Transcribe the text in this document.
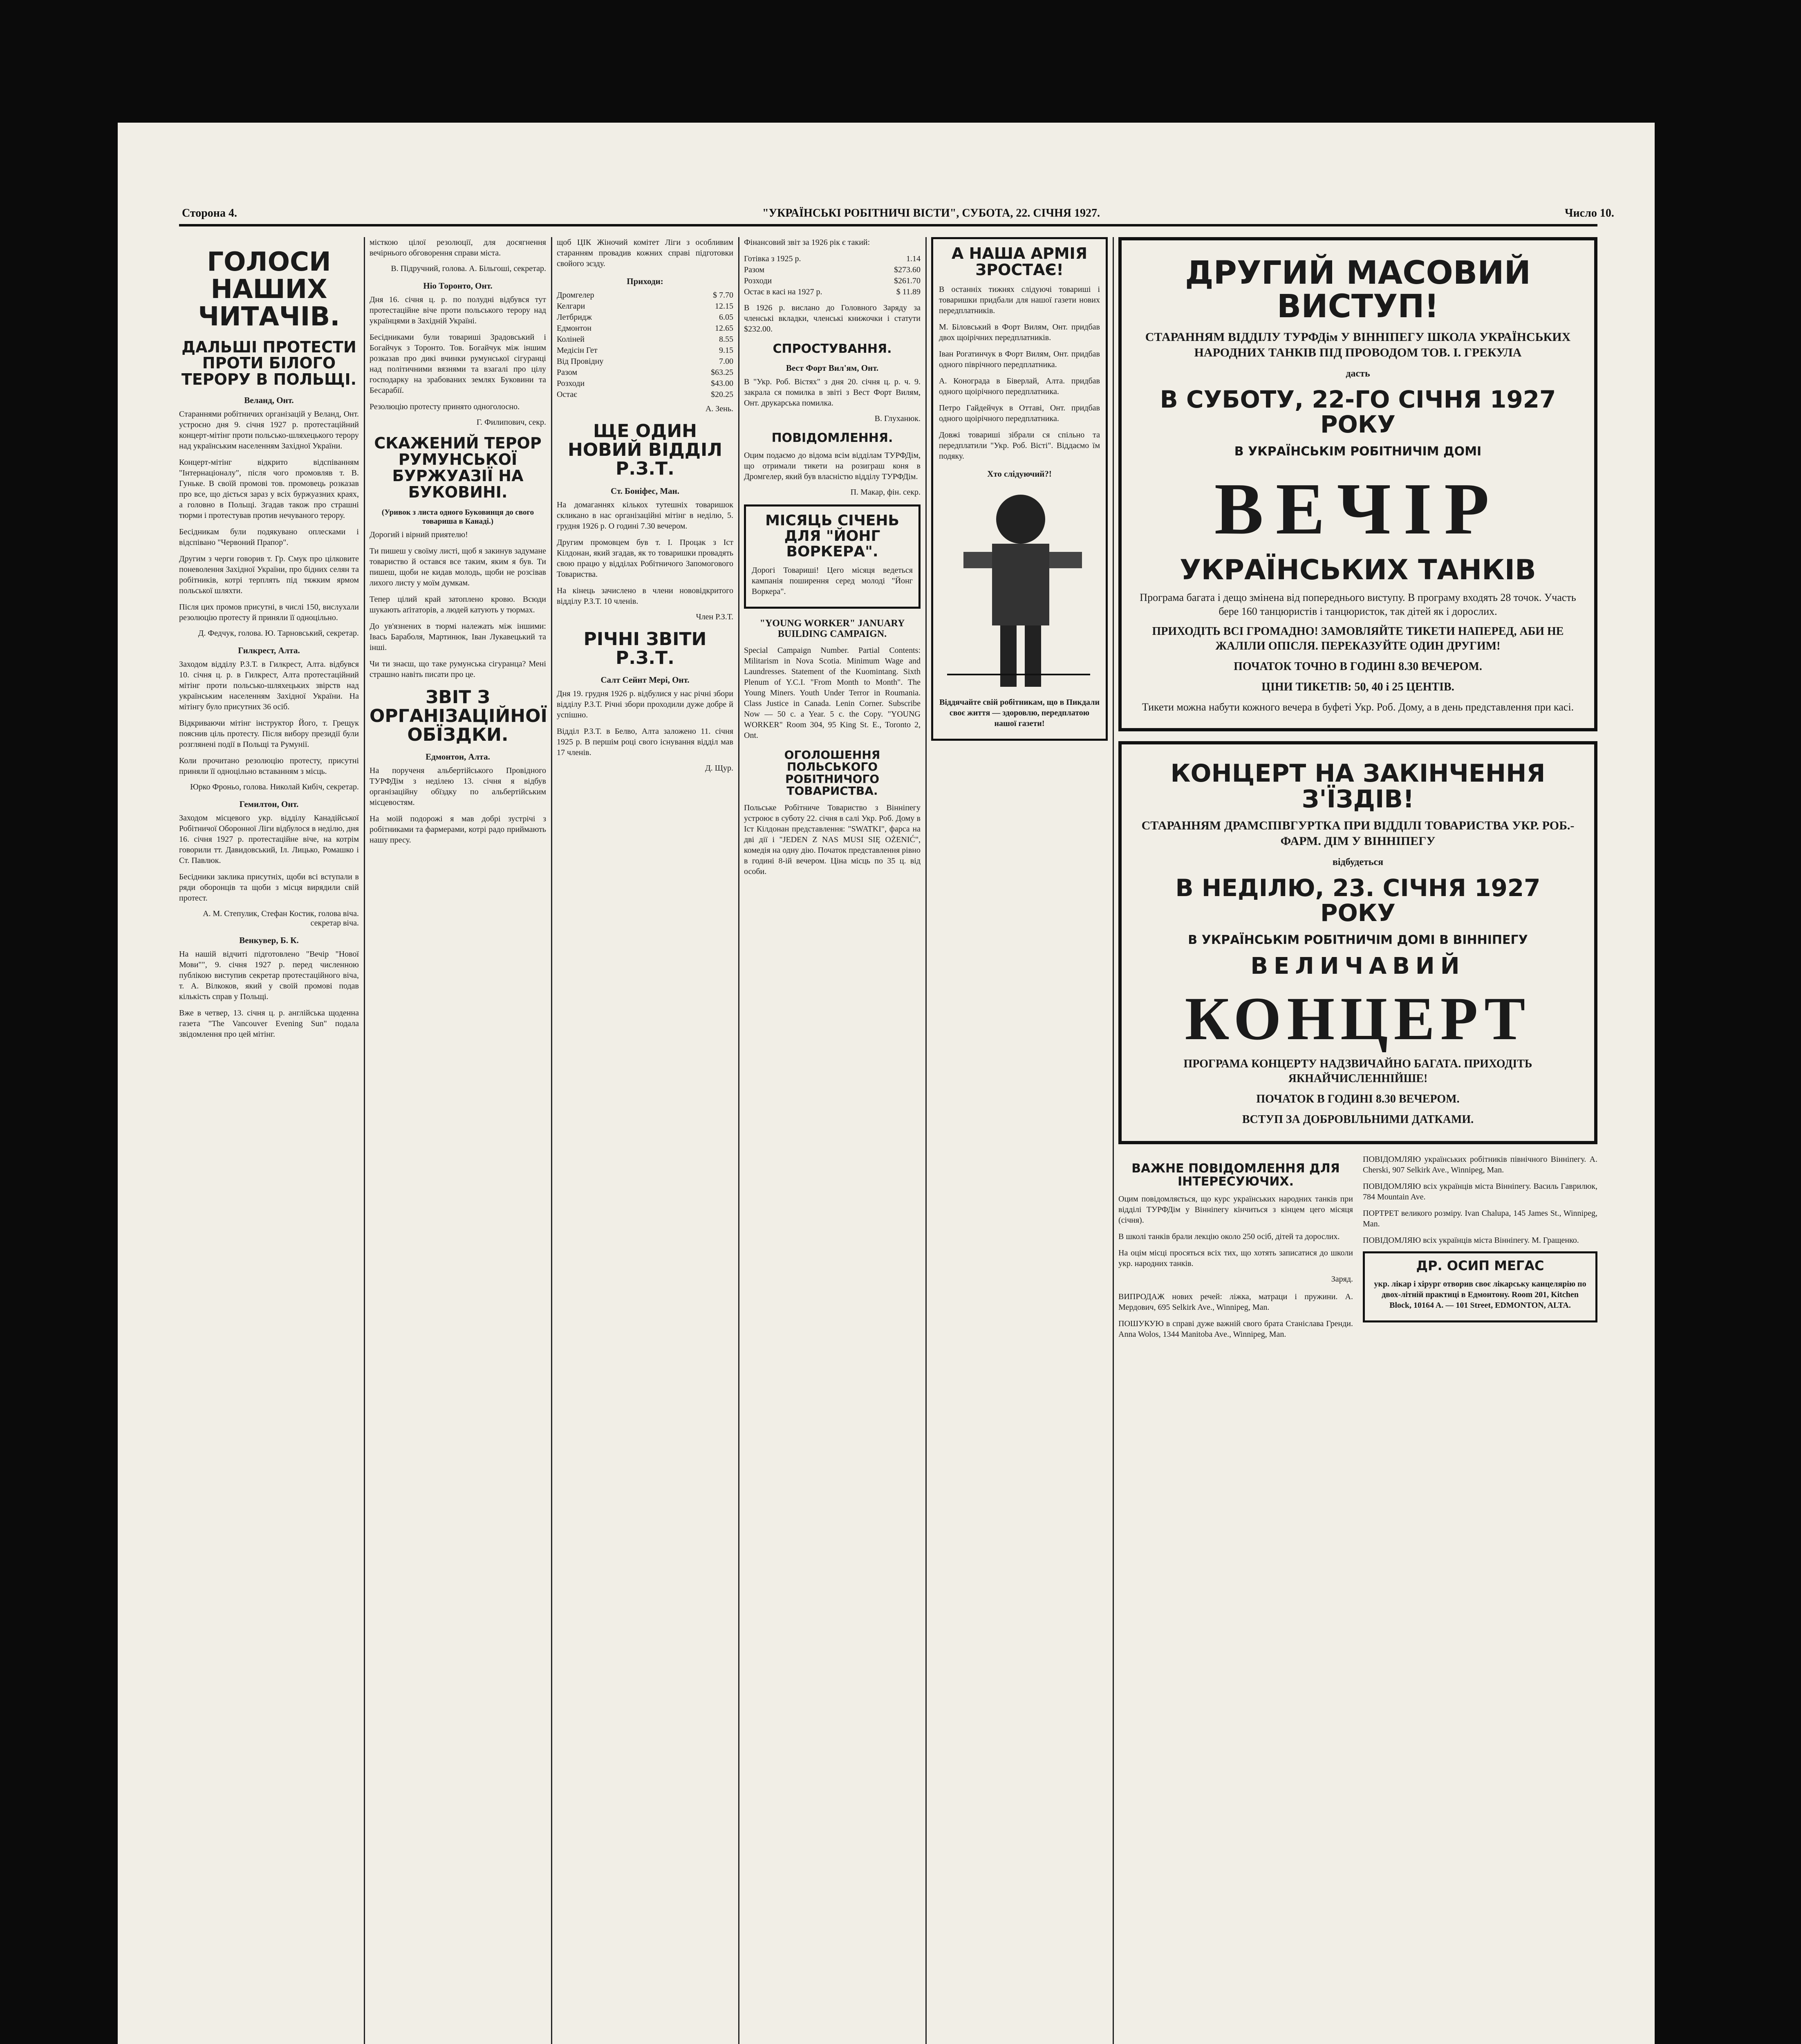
Сторона 4.	"УКРАЇНСЬКІ РОБІТНИЧІ ВІСТИ", СУБОТА, 22. СІЧНЯ 1927.	Число 10.
ГОЛОСИ НАШИХ ЧИТАЧІВ.
ДАЛЬШІ ПРОТЕСТИ ПРОТИ БІЛОГО ТЕРОРУ В ПОЛЬЩІ.
Веланд, Онт.

Стараннями робітничих організацій у Веланд, Онт. устроєно дня 9. січня 1927 р. протестаційний концерт-мітінг проти польсько-шляхецького терору над українським населенням Західної України.

Концерт-мітінг відкрито відспіванням "Інтернаціоналу", після чого промовляв т. В. Гуньке. В своїй промові тов. промовець розказав про все, що діється зараз у всіх буржуазних краях, а головно в Польщі. Згадав також про страшні тюрми і протестував против нечуваного терору.

Бесідникам були подякувано оплесками і відспівано "Червоний Прапор".

Другим з черги говорив т. Гр. Смук про цілковите поневолення Західної України, про бідних селян та робітників, котрі терплять під тяжким ярмом польської шляхти.

Після цих промов присутні, в числі 150, вислухали резолюцію протесту й приняли її одноцільно.

Д. Федчук, голова. Ю. Тарновський, секретар.
Гилкрест, Алта.

Заходом відділу Р.З.Т. в Гилкрест, Алта. відбувся 10. січня ц. р. в Гилкрест, Алта протестаційний мітінг проти польсько-шляхецьких звірств над українським населенням Західної України. На мітінгу було присутних 36 осіб.

Відкриваючи мітінг інструктор Його, т. Грещук пояснив ціль протесту. Після вибору президії були розглянені події в Польщі та Румунії.

Коли прочитано резолюцію протесту, присутні приняли її одноцільно вставанням з місць.

Юрко Фроньо, голова. Николай Кибіч, секретар.
Гемилтон, Онт.

Заходом місцевого укр. відділу Канадійської Робітничої Оборонної Ліги відбулося в неділю, дня 16. січня 1927 р. протестаційне віче, на котрім говорили тт. Давидовський, Іл. Лицько, Ромашко і Ст. Павлюк.

Бесідники заклика присутніх, щоби всі вступали в ряди оборонців та щоби з місця вирядили свій протест.

А. М. Степулик, Стефан Костик, голова віча. секретар віча.
Венкувер, Б. К.

На нашій відчиті підготовлено "Вечір "Нової Мови"", 9. січня 1927 р. перед численною публікою виступив секретар протестаційного віча, т. А. Вілкоков, який у своїй промові подав кількість справ у Польщі.

Вже в четвер, 13. січня ц. р. англійська щоденна газета "The Vancouver Evening Sun" подала звідомлення про цей мітінг.

місткою цілої резолюції, для досягнення вечірнього обговорення справи міста.

В. Підручний, голова. А. Більгоші, секретар.
Ніо Торонто, Онт.

Дня 16. січня ц. р. по полудні відбувся тут протестаційне віче проти польського терору над українцями в Західній Україні.

Бесідниками були товариші Зрадовський і Богайчук з Торонто. Тов. Богайчук між іншим розказав про дикі вчинки румунської сігуранці над політичними вязнями та взагалі про цілу господарку на зрабованих землях Буковини та Бесарабії.

Резолюцію протесту принято одноголосно.

Г. Филипович, секр.
СКАЖЕНИЙ ТЕРОР РУМУНСЬКОЇ БУРЖУАЗІЇ НА БУКОВИНІ.
(Уривок з листа одного Буковинця до свого товариша в Канаді.)

Дорогий і вірний приятелю!

Ти пишеш у своїму листі, щоб я закинув задумане товариство й остався все таким, яким я був. Ти пишеш, щоби не кидав молодь, щоби не розсівав лихого листу у моїм думкам.

Тепер цілий край затоплено кровю. Всюди шукають аґітаторів, а людей катують у тюрмах.

До ув'язнених в тюрмі належать між іншими: Івась Бараболя, Мартинюк, Іван Лукавецький та інші.

Чи ти знаєш, що таке румунська сігуранца? Мені страшно навіть писати про це.

ЗВІТ З ОРГАНІЗАЦІЙНОЇ ОБЇЗДКИ.
Едмонтон, Алта.

На порученя альбертійського Провідного ТУРФДім з неділею 13. січня я відбув організаційну обїздку по альбертійським місцевостям.

На моїй подорожі я мав добрі зустрічі з робітниками та фармерами, котрі радо приймають нашу пресу.

щоб ЦІК Жіночий комітет Ліги з особливим старанням провадив кожних справі підготовки свойого зєзду.

Приходи:
Дромгелер	$ 7.70
Келгари	12.15
Летбридж	6.05
Едмонтон	12.65
Коліней	8.55
Медісін Гет	9.15
Від Провідну	7.00
Разом	$63.25
Розходи	$43.00
Остає	$20.25
А. Зень.
ЩЕ ОДИН НОВИЙ ВІДДІЛ Р.З.Т.
Ст. Боніфес, Ман.

На домаганнях кількох тутешніх товаришок скликано в нас організаційні мітінг в неділю, 5. грудня 1926 р. О годині 7.30 вечером.

Другим промовцем був т. І. Процак з Іст Кілдонан, який згадав, як то товаришки провадять свою працю у відділах Робітничого Запомогового Товариства.

На кінець зачислено в члени нововідкритого відділу Р.З.Т. 10 членів.

Член Р.З.Т.
РІЧНІ ЗВІТИ Р.З.Т.
Салт Сейнт Мері, Онт.

Дня 19. грудня 1926 р. відбулися у нас річні збори відділу Р.З.Т. Річні збори проходили дуже добре й успішно.

Відділ Р.З.Т. в Белво, Алта заложено 11. січня 1925 р. В першім році свого існування відділ мав 17 членів.

Д. Щур.

Фінансовий звіт за 1926 рік є такий:

Готівка з 1925 р.	1.14
Разом	$273.60
Розходи	$261.70
Остає в касі на 1927 р.	$ 11.89

В 1926 р. вислано до Головного Заряду за членські вкладки, членські книжочки і статути $232.00.

СПРОСТУВАННЯ.
Вест Форт Вил'ям, Онт.

В "Укр. Роб. Вістях" з дня 20. січня ц. р. ч. 9. закрала ся помилка в звіті з Вест Форт Вилям, Онт. друкарська помилка.

В. Глуханюк.
ПОВІДОМЛЕННЯ.

Оцим подаємо до відома всім відділам ТУРФДім, що отримали тикети на розиграш коня в Дромгелер, який був власністю відділу ТУРФДім.

П. Макар, фін. секр.
МІСЯЦЬ СІЧЕНЬ ДЛЯ "ЙОНГ ВОРКЕРА".

Дорогі Товариші! Цего місяця ведеться кампанія поширення серед молоді "Йонг Воркера".

"YOUNG WORKER" JANUARY BUILDING CAMPAIGN.

Special Campaign Number. Partial Contents: Militarism in Nova Scotia. Minimum Wage and Laundresses. Statement of the Kuomintang. Sixth Plenum of Y.C.I. "From Month to Month". The Young Miners. Youth Under Terror in Roumania. Class Justice in Canada. Lenin Corner. Subscribe Now — 50 c. a Year. 5 c. the Copy. "YOUNG WORKER" Room 304, 95 King St. E., Toronto 2, Ont.

ОГОЛОШЕННЯ ПОЛЬСЬКОГО РОБІТНИЧОГО ТОВАРИСТВА.

Польське Робітниче Товариство з Вінніпегу устроює в суботу 22. січня в салі Укр. Роб. Дому в Іст Кілдонан представлення: "SWATKI", фарса на дві дії і "JEDEN Z NAS MUSI SIĘ OŻENIĆ", комедія на одну дію. Початок представлення рівно в годині 8-ій вечером. Ціна місць по 35 ц. від особи.

А НАША АРМІЯ ЗРОСТАЄ!

В останніх тижнях слідуючі товариші і товаришки придбали для нашої газети нових передплатників.

М. Біловський в Форт Вилям, Онт. придбав двох щоірічних передплатників.

Іван Рогатинчук в Форт Вилям, Онт. придбав одного піврічного передплатника.

А. Конограда в Біверлай, Алта. придбав одного щоірічного передплатника.

Петро Гайдейчук в Оттаві, Онт. придбав одного щоірічного передплатника.

Довжі товариші зібрали ся спільно та передплатили "Укр. Роб. Вісті". Віддаємо їм подяку.

Хто слідуючий?!

Віддячайте свій робітникам, що в Пикдали своє життя — здоровлю, передплатою нашої газети!

ДРУГИЙ МАСОВИЙ ВИСТУП!

СТАРАННЯМ ВІДДІЛУ ТУРФДім У ВІННІПЕГУ ШКОЛА УКРАЇНСЬКИХ НАРОДНИХ ТАНКІВ ПІД ПРОВОДОМ ТОВ. І. ГРЕКУЛА

дасть
В СУБОТУ, 22-ГО СІЧНЯ 1927 РОКУ
В УКРАЇНСЬКІМ РОБІТНИЧІМ ДОМІ
ВЕЧІР
УКРАЇНСЬКИХ ТАНКІВ

Програма багата і дещо змінена від попереднього виступу. В програму входять 28 точок. Участь бере 160 танцюристів і танцюристок, так дітей як і дорослих.

ПРИХОДІТЬ ВСІ ГРОМАДНО! ЗАМОВЛЯЙТЕ ТИКЕТИ НАПЕРЕД, АБИ НЕ ЖАЛІЛИ ОПІСЛЯ. ПЕРЕКАЗУЙТЕ ОДИН ДРУГИМ!

ПОЧАТОК ТОЧНО В ГОДИНІ 8.30 ВЕЧЕРОМ.

ЦІНИ ТИКЕТІВ: 50, 40 і 25 ЦЕНТІВ.

Тикети можна набути кожного вечера в буфеті Укр. Роб. Дому, а в день представлення при касі.

КОНЦЕРТ НА ЗАКІНЧЕННЯ З'ЇЗДІВ!

СТАРАННЯМ ДРАМСПІВГУРТКА ПРИ ВІДДІЛІ ТОВАРИСТВА УКР. РОБ.-ФАРМ. ДІМ У ВІННІПЕГУ

відбудеться
В НЕДІЛЮ, 23. СІЧНЯ 1927 РОКУ
В УКРАЇНСЬКІМ РОБІТНИЧІМ ДОМІ В ВІННІПЕГУ
ВЕЛИЧАВИЙ
КОНЦЕРТ

ПРОГРАМА КОНЦЕРТУ НАДЗВИЧАЙНО БАГАТА. ПРИХОДІТЬ ЯКНАЙЧИСЛЕННІЙШЕ!

ПОЧАТОК В ГОДИНІ 8.30 ВЕЧЕРОМ.

ВСТУП ЗА ДОБРОВІЛЬНИМИ ДАТКАМИ.

ВАЖНЕ ПОВІДОМЛЕННЯ ДЛЯ ІНТЕРЕСУЮЧИХ.

Оцим повідомляється, що курс українських народних танків при відділі ТУРФДім у Вінніпегу кінчиться з кінцем цего місяця (січня).

В школі танків брали лекцію около 250 осіб, дітей та дорослих.

На оцім місці просяться всіх тих, що хотять записатися до школи укр. народних танків.

Заряд.

ВИПРОДАЖ нових речей: ліжка, матраци і пружини. А. Мердович, 695 Selkirk Ave., Winnipeg, Man.

ПОШУКУЮ в справі дуже важній свого брата Станіслава Гренди. Anna Wolos, 1344 Manitoba Ave., Winnipeg, Man.

ПОВІДОМЛЯЮ українських робітників північного Вінніпегу. A. Cherski, 907 Selkirk Ave., Winnipeg, Man.

ПОВІДОМЛЯЮ всіх українців міста Вінніпегу. Василь Гаврилюк, 784 Mountain Ave.

ПОРТРЕТ великого розміру. Ivan Chalupa, 145 James St., Winnipeg, Man.

ПОВІДОМЛЯЮ всіх українців міста Вінніпегу. М. Гращенко.

ДР. ОСИП МЕГАС

укр. лікар і хірург отворив своє лікарську канцелярію по двох-літній практиці в Едмонтону. Room 201, Kitchen Block, 10164 A. — 101 Street, EDMONTON, ALTA.
